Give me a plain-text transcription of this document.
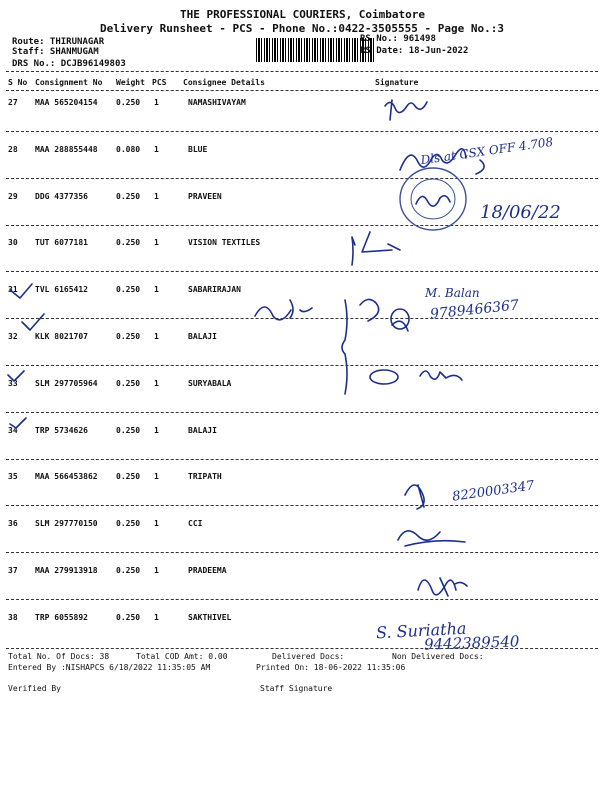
THE PROFESSIONAL COURIERS, Coimbatore
Delivery Runsheet - PCS - Phone No.:0422-3505555 - Page No.:3
Route: THIRUNAGAR
Staff: SHANMUGAM
DRS No.: DCJB96149803
RS No.: 961498
RS Date: 18-Jun-2022
S No Consignment No Weight PCS Consignee Details	Signature
27 MAA 565204154 0.250 1	NAMASHIVAYAM
28 MAA 288855448 0.080 1	BLUE
29 DDG 4377356	0.250 1	PRAVEEN
30 TUT 6077181	0.250 1	VISION TEXTILES
31 TVL 6165412	0.250 1	SABARIRAJAN
32 KLK 8021707	0.250 1	BALAJI
33 SLM 297705964 0.250 1	SURYABALA
34 TRP 5734626	0.250 1	BALAJI
35 MAA 566453862 0.250 1	TRIPATH
36 SLM 297770150 0.250 1	CCI
37 MAA 279913918 0.250 1	PRADEEMA
38 TRP 6055892	0.250 1	SAKTHIVEL
Dls at CSX OFF 4.708
18/06/22
M. Balan
9789466367
8220003347
S. Suriatha
9442389540
Total No. Of Docs: 38	Total COD Amt: 0.00	Delivered Docs:	Non Delivered Docs:
Entered By :NISHAPCS 6/18/2022 11:35:05 AM	Printed On: 18-06-2022 11:35:06
Verified By	Staff Signature
